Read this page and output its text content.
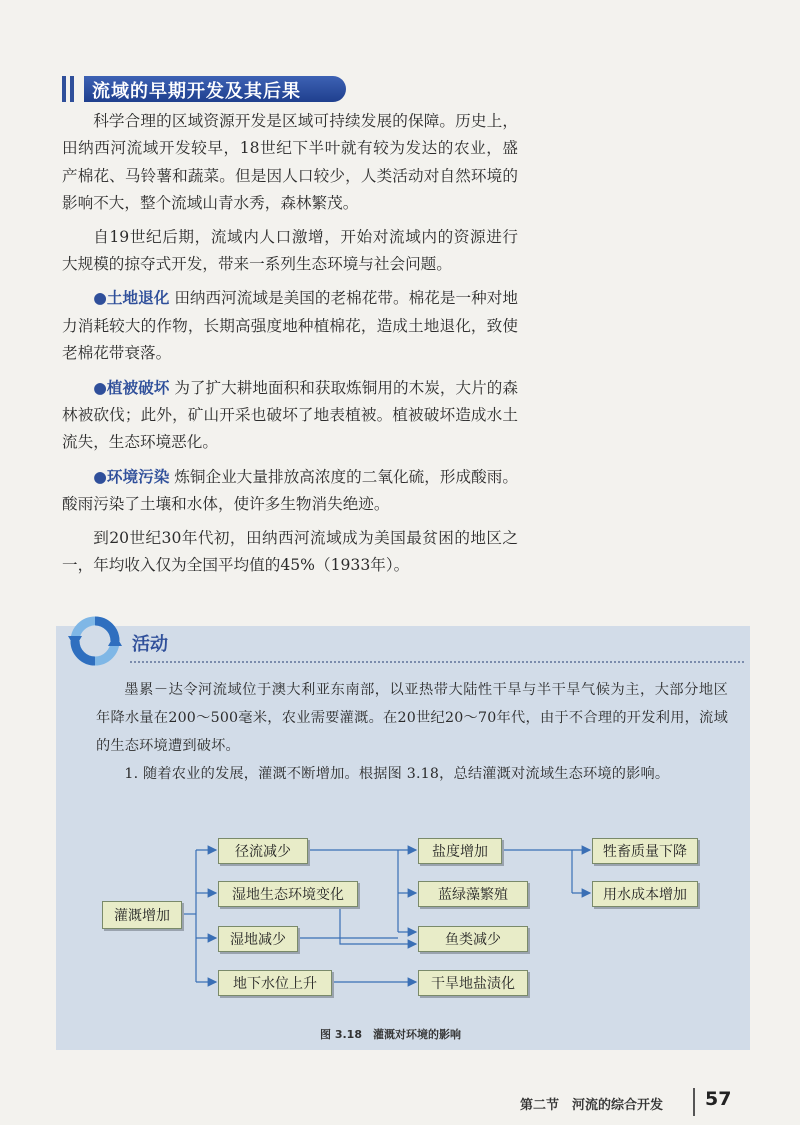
流域的早期开发及其后果

科学合理的区域资源开发是区域可持续发展的保障。历史上，田纳西河流域开发较早，18世纪下半叶就有较为发达的农业，盛产棉花、马铃薯和蔬菜。但是因人口较少，人类活动对自然环境的影响不大，整个流域山青水秀，森林繁茂。

自19世纪后期，流域内人口激增，开始对流域内的资源进行大规模的掠夺式开发，带来一系列生态环境与社会问题。

●土地退化 田纳西河流域是美国的老棉花带。棉花是一种对地力消耗较大的作物，长期高强度地种植棉花，造成土地退化，致使老棉花带衰落。

●植被破坏 为了扩大耕地面积和获取炼铜用的木炭，大片的森林被砍伐；此外，矿山开采也破坏了地表植被。植被破坏造成水土流失，生态环境恶化。

●环境污染 炼铜企业大量排放高浓度的二氧化硫，形成酸雨。酸雨污染了土壤和水体，使许多生物消失绝迹。

到20世纪30年代初，田纳西河流域成为美国最贫困的地区之一，年均收入仅为全国平均值的45%（1933年）。

活动

墨累－达令河流域位于澳大利亚东南部，以亚热带大陆性干旱与半干旱气候为主，大部分地区年降水量在200～500毫米，农业需要灌溉。在20世纪20～70年代，由于不合理的开发利用，流域的生态环境遭到破坏。

1. 随着农业的发展，灌溉不断增加。根据图 3.18，总结灌溉对流域生态环境的影响。

灌溉增加
径流减少
湿地生态环境变化
湿地减少
地下水位上升
盐度增加
蓝绿藻繁殖
鱼类减少
干旱地盐渍化
牲畜质量下降
用水成本增加
图 3.18　灌溉对环境的影响
第二节　河流的综合开发 57
